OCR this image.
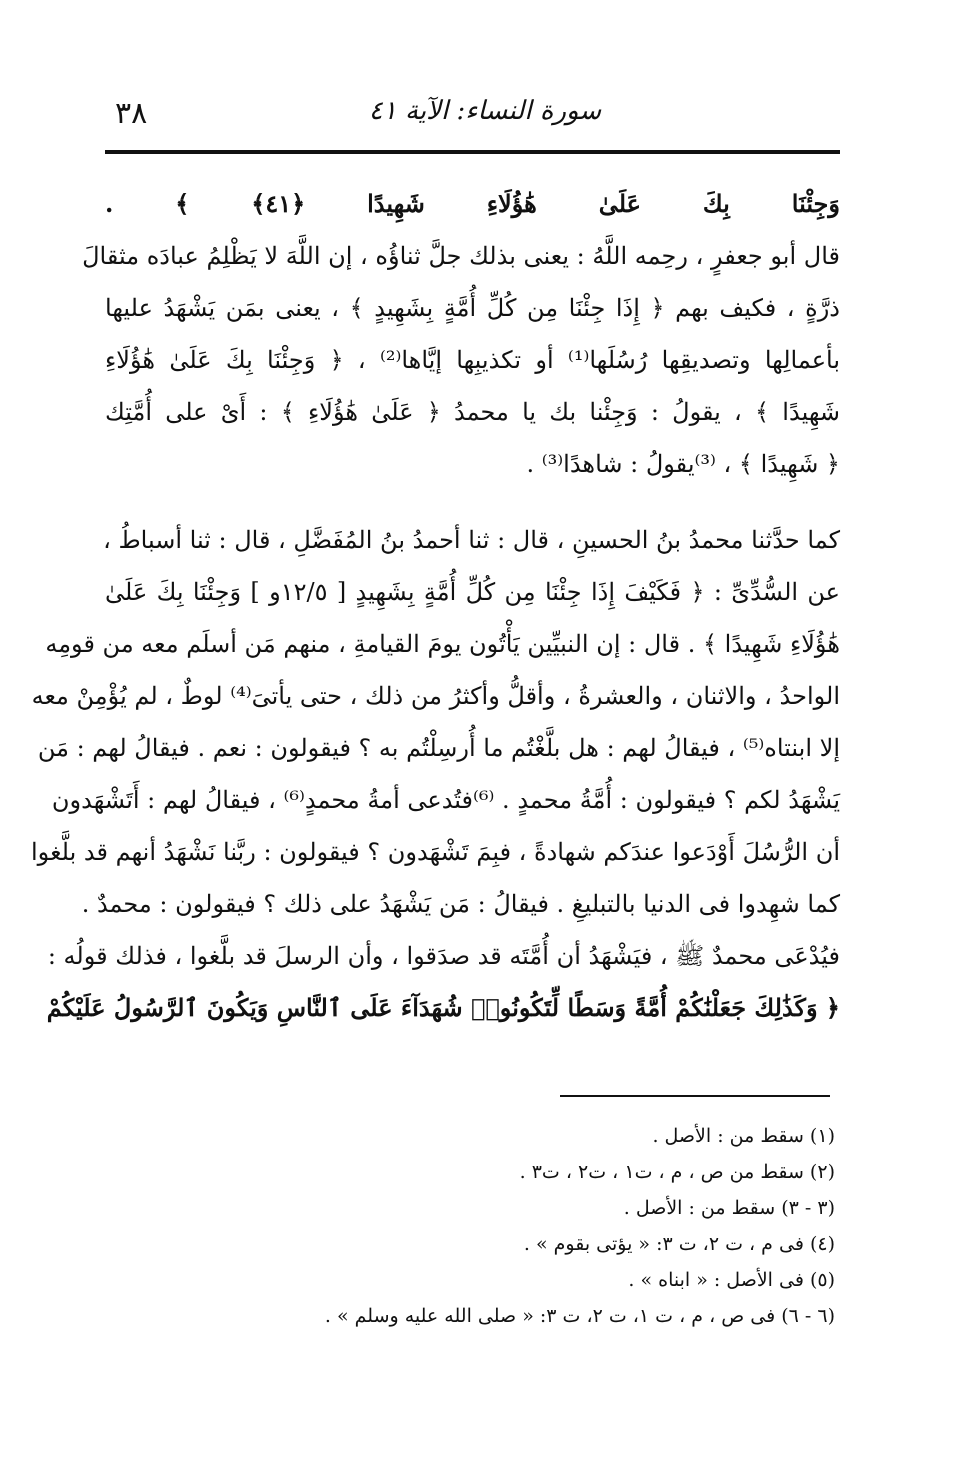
٣٨	سورة النساء: الآية ٤١
وَجِئْنَا بِكَ عَلَىٰ هَٰؤُلَاءِ شَهِيدًا ﴿٤١﴾ ﴾ .
قال أبو جعفرٍ ، رحِمه اللَّهُ : يعنى بذلك جلَّ ثناؤُه ، إن اللَّهَ لا يَظْلِمُ عبادَه مثقالَ
ذرَّةٍ ، فكيف بهم ﴿ إِذَا جِئْنَا مِن كُلِّ أُمَّةٍ بِشَهِيدٍ ﴾ ، يعنى بمَن يَشْهَدُ عليها
بأعمالِها وتصديقِها رُسُلَها⁽¹⁾ أو تكذيبِها إيَّاها⁽²⁾ ، ﴿ وَجِئْنَا بِكَ عَلَىٰ هَٰؤُلَاءِ
شَهِيدًا ﴾ ، يقولُ : وَجِئْنا بك يا محمدُ ﴿ عَلَىٰ هَٰؤُلَاءِ ﴾ : أَىْ على أُمَّتِك
﴿ شَهِيدًا ﴾ ، ⁽³⁾يقولُ : شاهدًا⁽³⁾ .
كما حدَّثنا محمدُ بنُ الحسينِ ، قال : ثنا أحمدُ بنُ المُفَضَّلِ ، قال : ثنا أسباطُ ،
عن السُّدِّىِّ : ﴿ فَكَيْفَ إِذَا جِئْنَا مِن كُلِّ أُمَّةٍ بِشَهِيدٍ [ ١٢/٥و ] وَجِئْنَا بِكَ عَلَىٰ
هَٰؤُلَاءِ شَهِيدًا ﴾ . قال : إن النبيِّين يَأْتُون يومَ القيامةِ ، منهم مَن أسلَم معه من قومِه
الواحدُ ، والاثنان ، والعشرةُ ، وأقلُّ وأكثرُ من ذلك ، حتى يأتىَ⁽⁴⁾ لوطٌ ، لم يُؤْمِنْ معه
إلا ابنتاه⁽⁵⁾ ، فيقالُ لهم : هل بلَّغْتُم ما أُرسِلْتُم به ؟ فيقولون : نعم . فيقالُ لهم : مَن
يَشْهَدُ لكم ؟ فيقولون : أُمَّةُ محمدٍ . ⁽⁶⁾فتُدعى أمةُ محمدٍ⁽⁶⁾ ، فيقالُ لهم : أَتَشْهَدون
أن الرُّسُلَ أَوْدَعوا عندَكم شهادةً ، فبِمَ تَشْهَدون ؟ فيقولون : ربَّنا نَشْهَدُ أنهم قد بلَّغوا
كما شهِدوا فى الدنيا بالتبليغِ . فيقالُ : مَن يَشْهَدُ على ذلك ؟ فيقولون : محمدٌ .
فيُدْعَى محمدٌ ﷺ ، فيَشْهَدُ أن أُمَّتَه قد صدَقوا ، وأن الرسلَ قد بلَّغوا ، فذلك قولُه :
﴿ وَكَذَٰلِكَ جَعَلْنَٰكُمْ أُمَّةً وَسَطًا لِّتَكُونُوا۟ شُهَدَآءَ عَلَى ٱلنَّاسِ وَيَكُونَ ٱلرَّسُولُ عَلَيْكُمْ
(١) سقط من : الأصل .
(٢) سقط من ص ، م ، ت١ ، ت٢ ، ت٣ .
(٣ - ٣) سقط من : الأصل .
(٤) فى م ، ت ٢، ت ٣: « يؤتى بقوم » .
(٥) فى الأصل : « ابناه » .
(٦ - ٦) فى ص ، م ، ت ١، ت ٢، ت ٣: « صلى الله عليه وسلم » .
